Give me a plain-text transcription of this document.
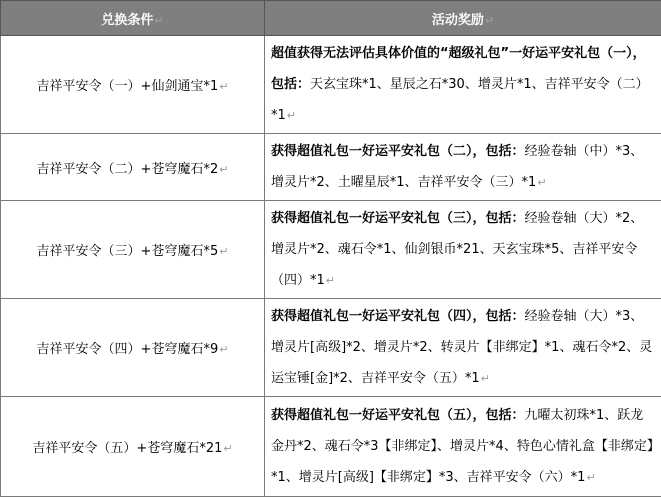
兑换条件↵	活动奖励↵
吉祥平安令（一）+仙剑通宝*1↵	超值获得无法评估具体价值的“超级礼包”一好运平安礼包（一），包括：天玄宝珠*1、星辰之石*30、增灵片*1、吉祥平安令（二）*1↵
吉祥平安令（二）+苍穹魔石*2↵	获得超值礼包一好运平安礼包（二），包括：经验卷轴（中）*3、增灵片*2、土曜星辰*1、吉祥平安令（三）*1↵
吉祥平安令（三）+苍穹魔石*5↵	获得超值礼包一好运平安礼包（三），包括：经验卷轴（大）*2、增灵片*2、魂石令*1、仙剑银币*21、天玄宝珠*5、吉祥平安令（四）*1↵
吉祥平安令（四）+苍穹魔石*9↵	获得超值礼包一好运平安礼包（四），包括：经验卷轴（大）*3、增灵片[高级]*2、增灵片*2、转灵片【非绑定】*1、魂石令*2、灵运宝锤[金]*2、吉祥平安令（五）*1↵
吉祥平安令（五）+苍穹魔石*21↵	获得超值礼包一好运平安礼包（五），包括：九曜太初珠*1、跃龙金丹*2、魂石令*3【非绑定】、增灵片*4、特色心情礼盒【非绑定】*1、增灵片[高级]【非绑定】*3、吉祥平安令（六）*1↵
